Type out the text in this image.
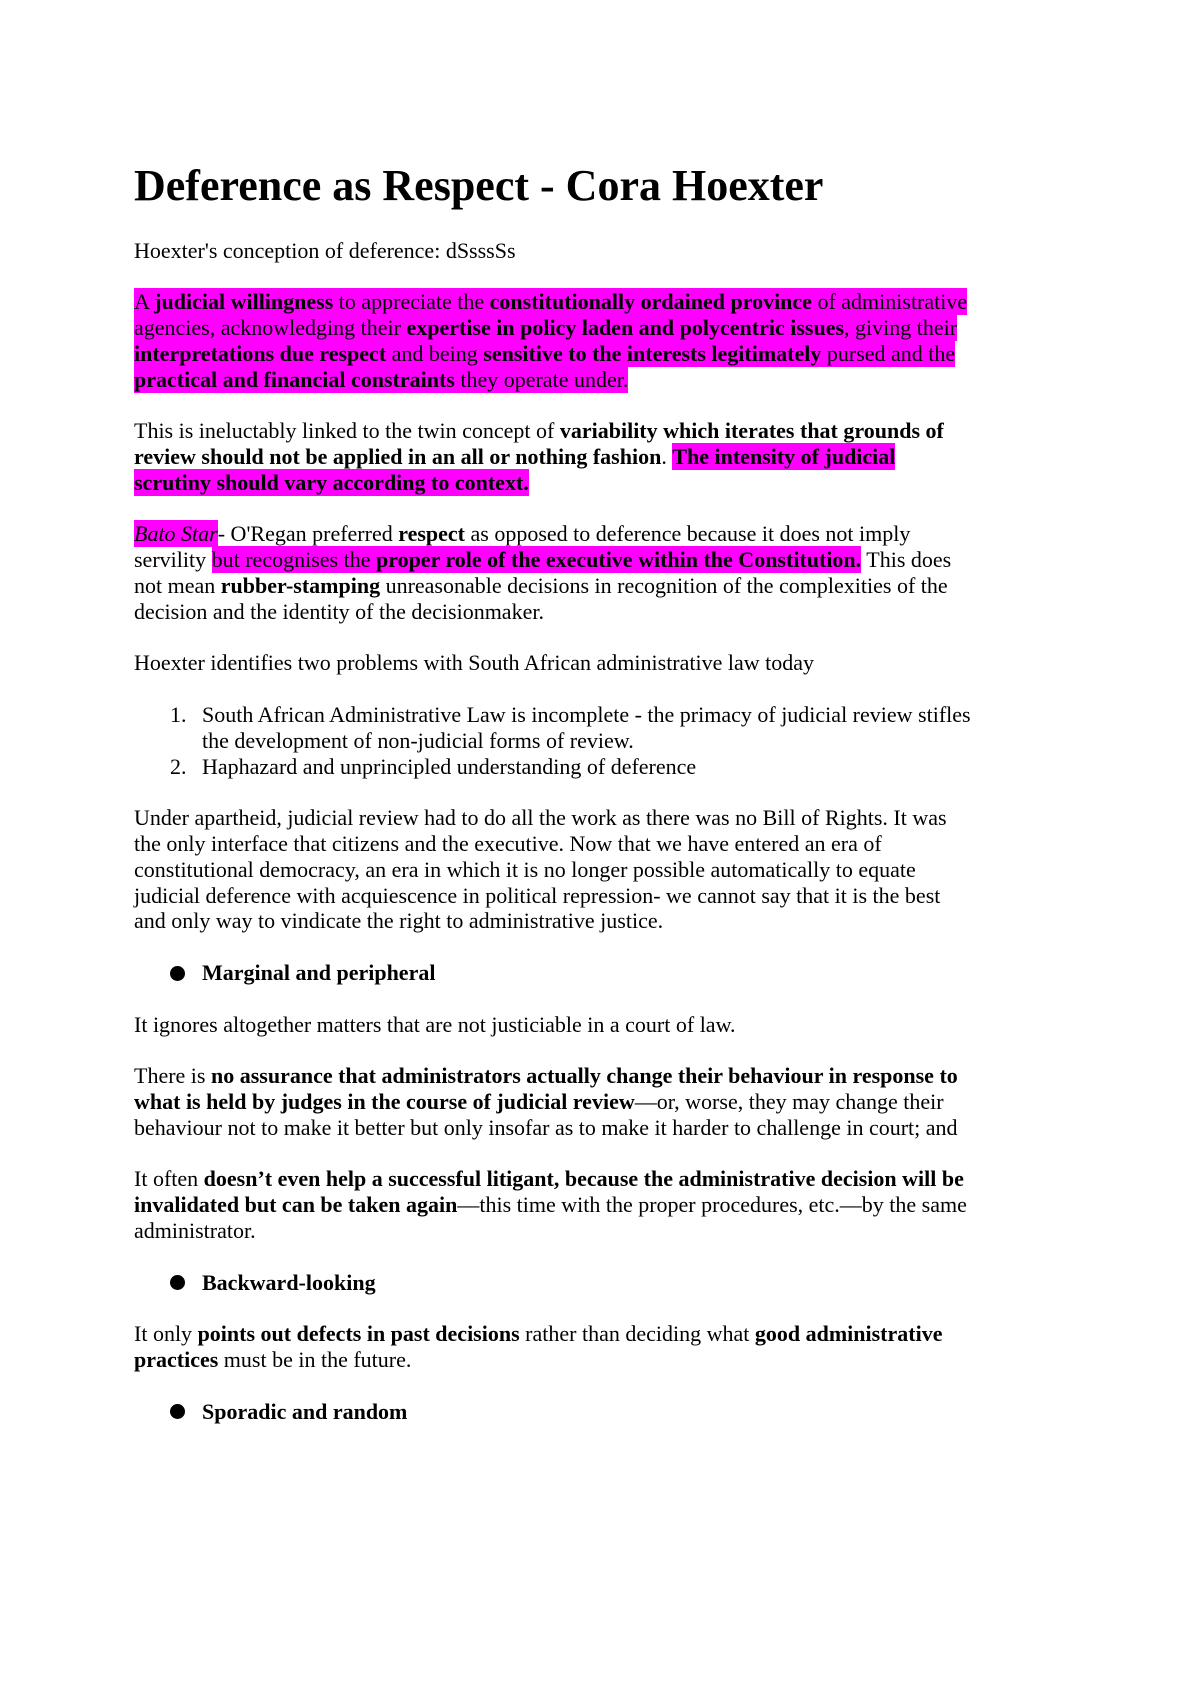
Deference as Respect - Cora Hoexter

Hoexter's conception of deference: dSsssSs

A judicial willingness to appreciate the constitutionally ordained province of administrative agencies, acknowledging their expertise in policy laden and polycentric issues, giving their interpretations due respect and being sensitive to the interests legitimately pursed and the practical and financial constraints they operate under.

This is ineluctably linked to the twin concept of variability which iterates that grounds of review should not be applied in an all or nothing fashion. The intensity of judicial scrutiny should vary according to context.

Bato Star- O'Regan preferred respect as opposed to deference because it does not imply servility but recognises the proper role of the executive within the Constitution. This does not mean rubber-stamping unreasonable decisions in recognition of the complexities of the decision and the identity of the decisionmaker.

Hoexter identifies two problems with South African administrative law today

1. South African Administrative Law is incomplete - the primacy of judicial review stifles the development of non-judicial forms of review.
2. Haphazard and unprincipled understanding of deference

Under apartheid, judicial review had to do all the work as there was no Bill of Rights. It was the only interface that citizens and the executive. Now that we have entered an era of constitutional democracy, an era in which it is no longer possible automatically to equate judicial deference with acquiescence in political repression- we cannot say that it is the best and only way to vindicate the right to administrative justice.

Marginal and peripheral

It ignores altogether matters that are not justiciable in a court of law.

There is no assurance that administrators actually change their behaviour in response to what is held by judges in the course of judicial review—or, worse, they may change their behaviour not to make it better but only insofar as to make it harder to challenge in court; and

It often doesn’t even help a successful litigant, because the administrative decision will be invalidated but can be taken again—this time with the proper procedures, etc.—by the same administrator.

Backward-looking

It only points out defects in past decisions rather than deciding what good administrative practices must be in the future.

Sporadic and random
